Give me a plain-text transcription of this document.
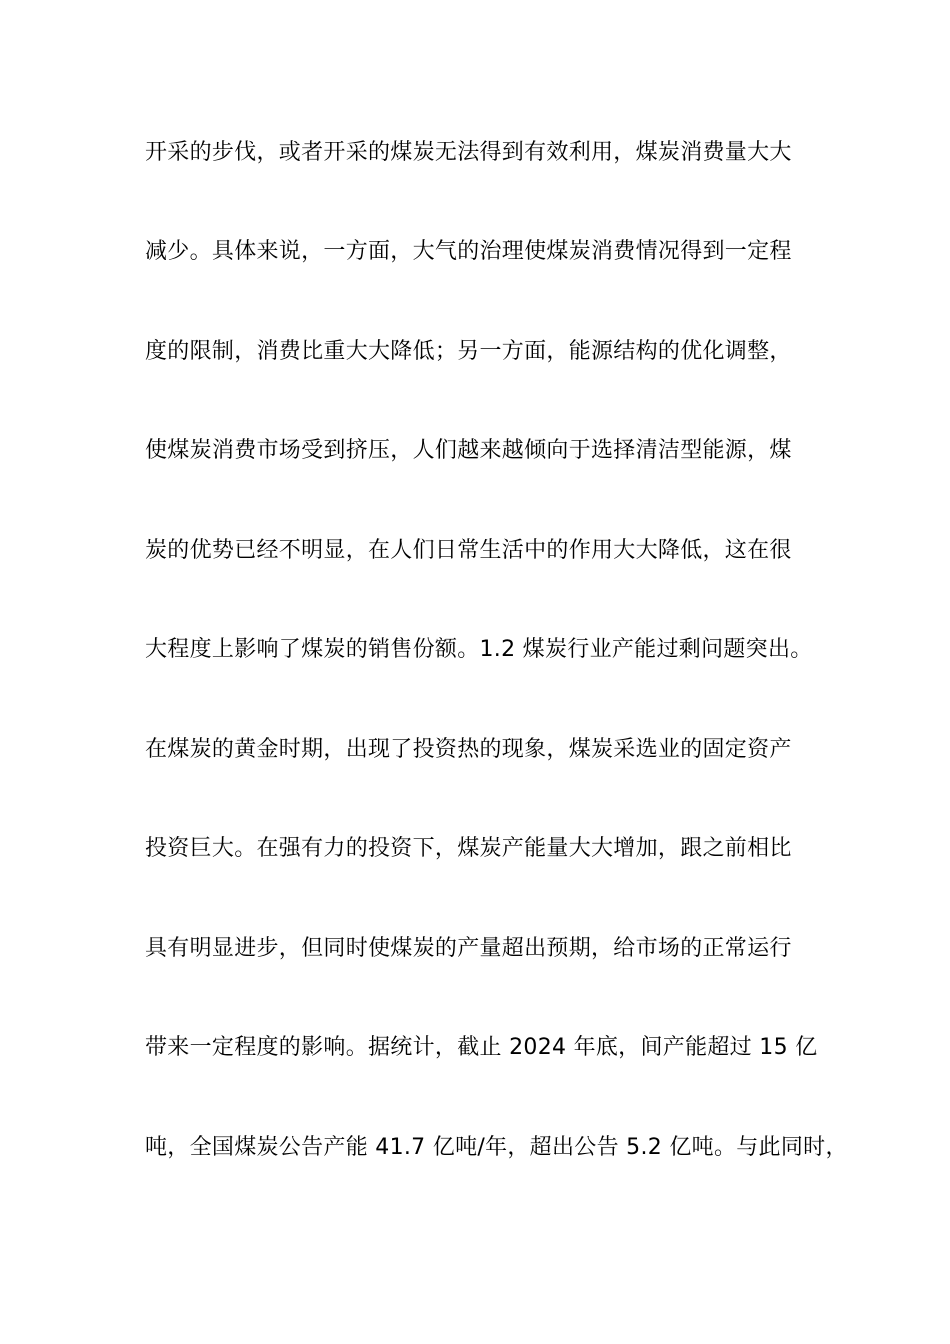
开采的步伐，或者开采的煤炭无法得到有效利用，煤炭消费量大大
减少。具体来说，一方面，大气的治理使煤炭消费情况得到一定程
度的限制，消费比重大大降低；另一方面，能源结构的优化调整，
使煤炭消费市场受到挤压，人们越来越倾向于选择清洁型能源，煤
炭的优势已经不明显，在人们日常生活中的作用大大降低，这在很
大程度上影响了煤炭的销售份额。1.2 煤炭行业产能过剩问题突出。
在煤炭的黄金时期，出现了投资热的现象，煤炭采选业的固定资产
投资巨大。在强有力的投资下，煤炭产能量大大增加，跟之前相比
具有明显进步，但同时使煤炭的产量超出预期，给市场的正常运行
带来一定程度的影响。据统计，截止 2024 年底，间产能超过 15 亿
吨，全国煤炭公告产能 41.7 亿吨/年，超出公告 5.2 亿吨。与此同时，
